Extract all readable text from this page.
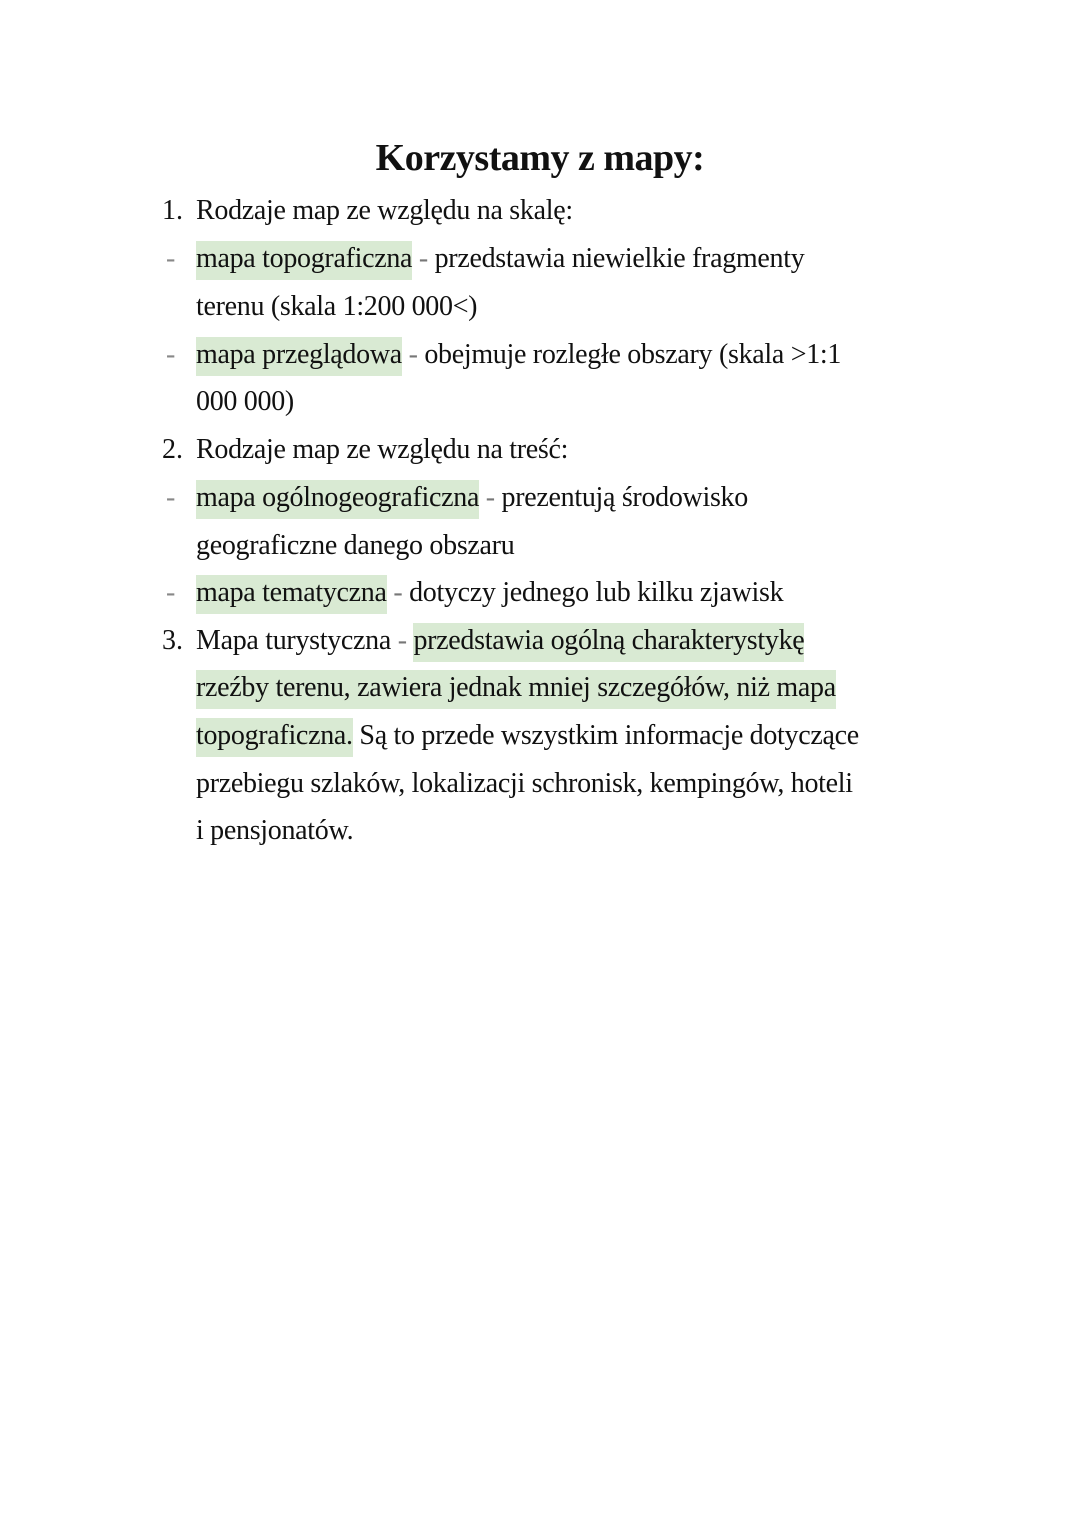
Korzystamy z mapy:
1. Rodzaje map ze względu na skalę:
- mapa topograficzna - przedstawia niewielkie fragmenty
terenu (skala 1:200 000<)
- mapa przeglądowa - obejmuje rozległe obszary (skala >1:1
000 000)
2. Rodzaje map ze względu na treść:
- mapa ogólnogeograficzna - prezentują środowisko
geograficzne danego obszaru
- mapa tematyczna - dotyczy jednego lub kilku zjawisk
3. Mapa turystyczna - przedstawia ogólną charakterystykę
rzeźby terenu, zawiera jednak mniej szczegółów, niż mapa
topograficzna. Są to przede wszystkim informacje dotyczące
przebiegu szlaków, lokalizacji schronisk, kempingów, hoteli
i pensjonatów.
